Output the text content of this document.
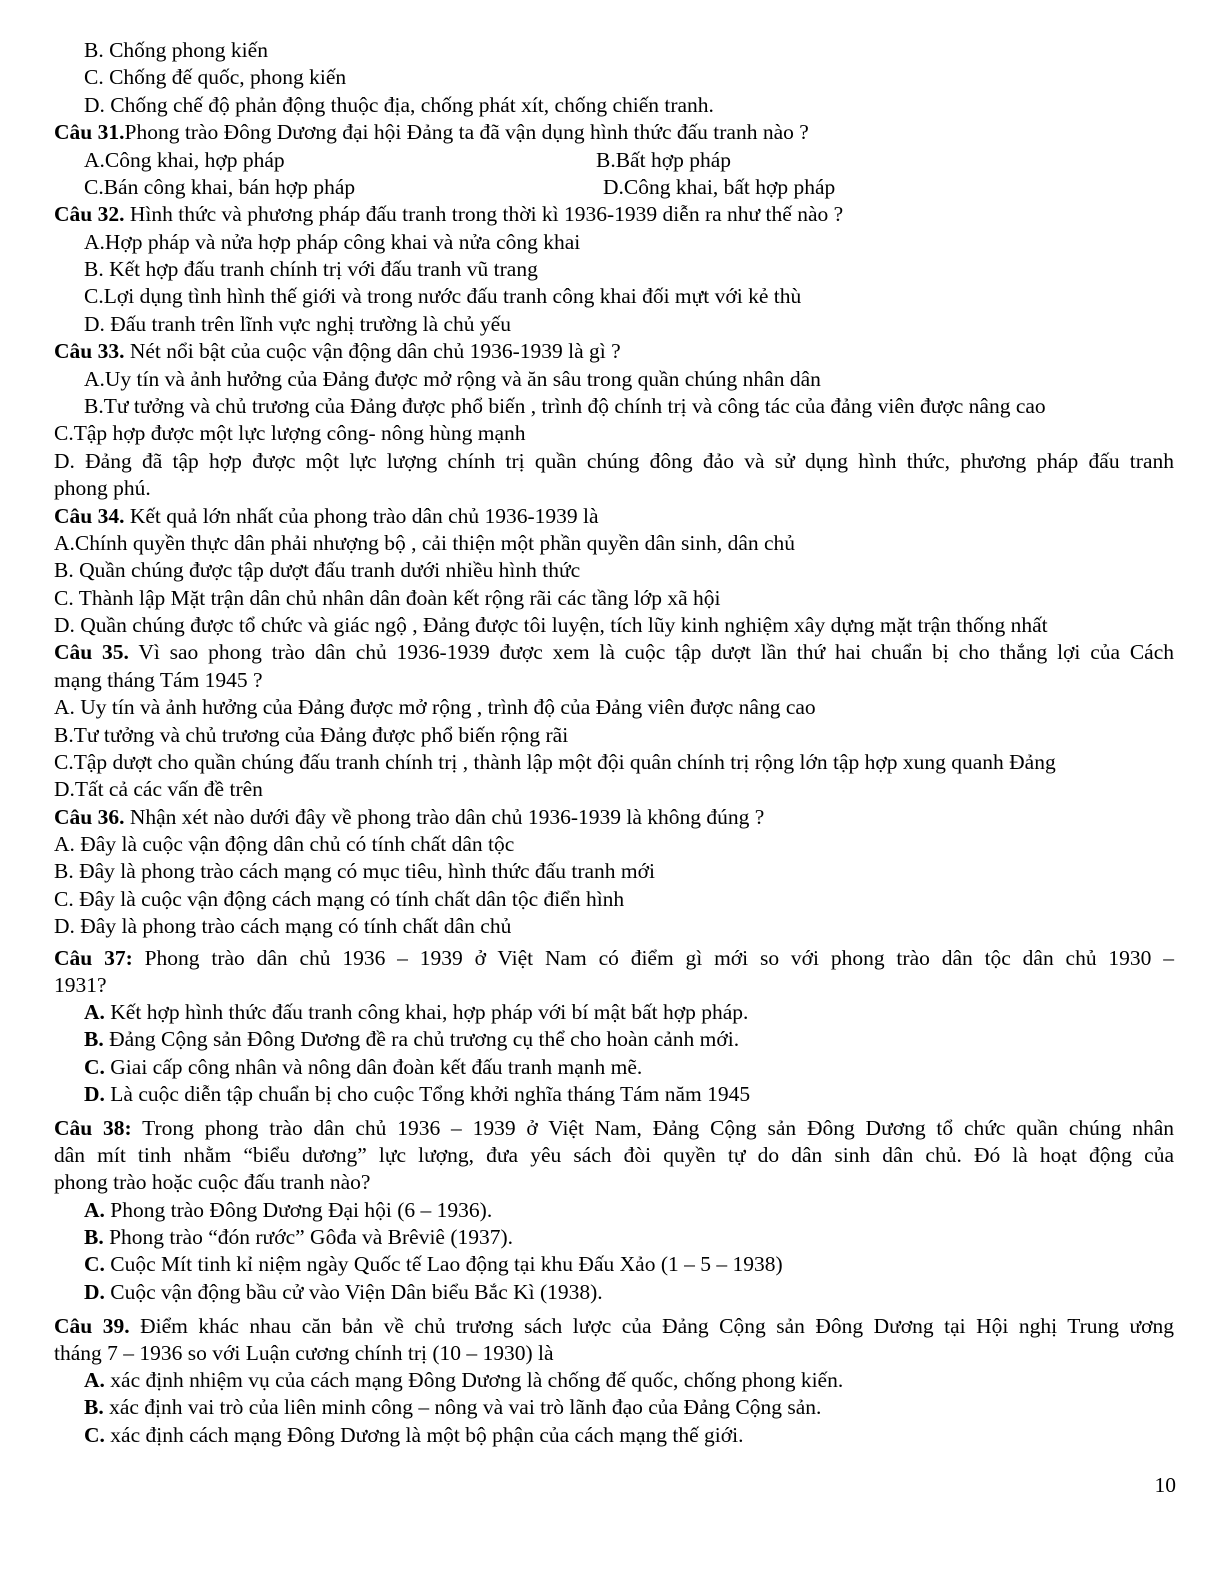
B. Chống phong kiến
C. Chống đế quốc, phong kiến
D. Chống chế độ phản động thuộc địa, chống phát xít, chống chiến tranh.
Câu 31.Phong trào Đông Dương đại hội Đảng ta đã vận dụng hình thức đấu tranh nào ?
A.Công khai, hợp pháp	B.Bất hợp pháp
C.Bán công khai, bán hợp pháp	D.Công khai, bất hợp pháp
Câu 32. Hình thức và phương pháp đấu tranh trong thời kì 1936-1939 diễn ra như thế nào ?
A.Hợp pháp và nửa hợp pháp công khai và nửa công khai
B. Kết hợp đấu tranh chính trị với đấu tranh vũ trang
C.Lợi dụng tình hình thế giới và trong nước đấu tranh công khai đối mựt với kẻ thù
D. Đấu tranh trên lĩnh vực nghị trường là chủ yếu
Câu 33. Nét nổi bật của cuộc vận động dân chủ 1936-1939 là gì ?
A.Uy tín và ảnh hưởng của Đảng được mở rộng và ăn sâu trong quần chúng nhân dân
B.Tư tưởng và chủ trương của Đảng được phổ biến , trình độ chính trị và công tác của đảng viên được nâng cao
C.Tập hợp được một lực lượng công- nông hùng mạnh
D. Đảng đã tập hợp được một lực lượng chính trị quần chúng đông đảo và sử dụng hình thức, phương pháp đấu tranh
phong phú.
Câu 34. Kết quả lớn nhất của phong trào dân chủ 1936-1939 là
A.Chính quyền thực dân phải nhượng bộ , cải thiện một phần quyền dân sinh, dân chủ
B. Quần chúng được tập dượt đấu tranh dưới nhiều hình thức
C. Thành lập Mặt trận dân chủ nhân dân đoàn kết rộng rãi các tầng lớp xã hội
D. Quần chúng được tổ chức và giác ngộ , Đảng được tôi luyện, tích lũy kinh nghiệm xây dựng mặt trận thống nhất
Câu 35. Vì sao phong trào dân chủ 1936-1939 được xem là cuộc tập dượt lần thứ hai chuẩn bị cho thắng lợi của Cách
mạng tháng Tám 1945 ?
A. Uy tín và ảnh hưởng của Đảng được mở rộng , trình độ của Đảng viên được nâng cao
B.Tư tưởng và chủ trương của Đảng được phổ biến rộng rãi
C.Tập dượt cho quần chúng đấu tranh chính trị , thành lập một đội quân chính trị rộng lớn tập hợp xung quanh Đảng
D.Tất cả các vấn đề trên
Câu 36. Nhận xét nào dưới đây về phong trào dân chủ 1936-1939 là không đúng ?
A. Đây là cuộc vận động dân chủ có tính chất dân tộc
B. Đây là phong trào cách mạng có mục tiêu, hình thức đấu tranh mới
C. Đây là cuộc vận động cách mạng có tính chất dân tộc điển hình
D. Đây là phong trào cách mạng có tính chất dân chủ
Câu 37: Phong trào dân chủ 1936 – 1939 ở Việt Nam có điểm gì mới so với phong trào dân tộc dân chủ 1930 –
1931?
A. Kết hợp hình thức đấu tranh công khai, hợp pháp với bí mật bất hợp pháp.
B. Đảng Cộng sản Đông Dương đề ra chủ trương cụ thể cho hoàn cảnh mới.
C. Giai cấp công nhân và nông dân đoàn kết đấu tranh mạnh mẽ.
D. Là cuộc diễn tập chuẩn bị cho cuộc Tổng khởi nghĩa tháng Tám năm 1945
Câu 38: Trong phong trào dân chủ 1936 – 1939 ở Việt Nam, Đảng Cộng sản Đông Dương tổ chức quần chúng nhân
dân mít tinh nhằm “biểu dương” lực lượng, đưa yêu sách đòi quyền tự do dân sinh dân chủ. Đó là hoạt động của
phong trào hoặc cuộc đấu tranh nào?
A. Phong trào Đông Dương Đại hội (6 – 1936).
B. Phong trào “đón rước” Gôđa và Brêviê (1937).
C. Cuộc Mít tinh kỉ niệm ngày Quốc tế Lao động tại khu Đấu Xảo (1 – 5 – 1938)
D. Cuộc vận động bầu cử vào Viện Dân biểu Bắc Kì (1938).
Câu 39. Điểm khác nhau căn bản về chủ trương sách lược của Đảng Cộng sản Đông Dương tại Hội nghị Trung ương
tháng 7 – 1936 so với Luận cương chính trị (10 – 1930) là
A. xác định nhiệm vụ của cách mạng Đông Dương là chống đế quốc, chống phong kiến.
B. xác định vai trò của liên minh công – nông và vai trò lãnh đạo của Đảng Cộng sản.
C. xác định cách mạng Đông Dương là một bộ phận của cách mạng thế giới.
10
